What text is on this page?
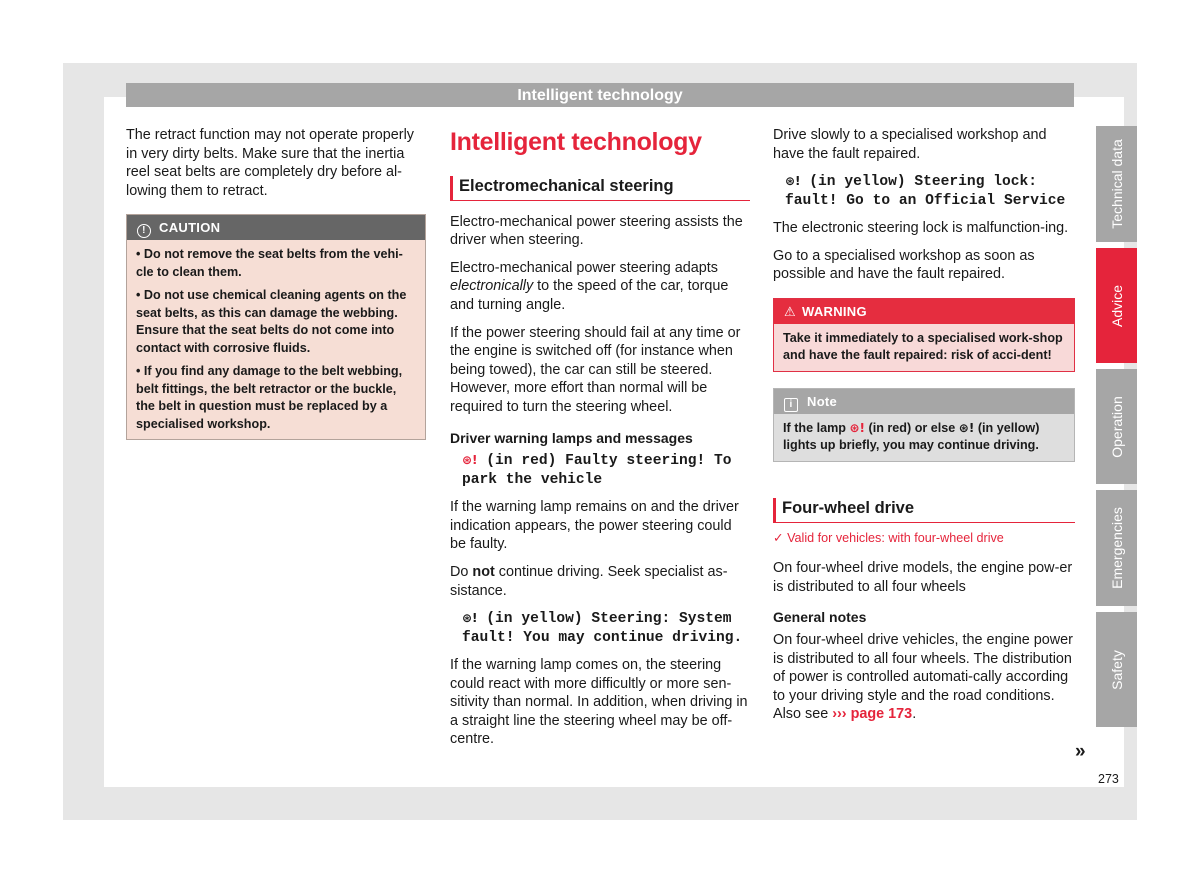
Intelligent technology

The retract function may not operate properly in very dirty belts. Make sure that the inertia reel seat belts are completely dry before al-lowing them to retract.

! CAUTION
• Do not remove the seat belts from the vehi-cle to clean them.
• Do not use chemical cleaning agents on the seat belts, as this can damage the webbing. Ensure that the seat belts do not come into contact with corrosive fluids.
• If you find any damage to the belt webbing, belt fittings, the belt retractor or the buckle, the belt in question must be replaced by a specialised workshop.
Intelligent technology
Electromechanical steering

Electro-mechanical power steering assists the driver when steering.

Electro-mechanical power steering adapts electronically to the speed of the car, torque and turning angle.

If the power steering should fail at any time or the engine is switched off (for instance when being towed), the car can still be steered. However, more effort than normal will be required to turn the steering wheel.

Driver warning lamps and messages
⊛! (in red) Faulty steering! To park the vehicle

If the warning lamp remains on and the driver indication appears, the power steering could be faulty.

Do not continue driving. Seek specialist as-sistance.

⊛! (in yellow) Steering: System fault! You may continue driving.

If the warning lamp comes on, the steering could react with more difficultly or more sen-sitivity than normal. In addition, when driving in a straight line the steering wheel may be off-centre.

Drive slowly to a specialised workshop and have the fault repaired.

⊛! (in yellow) Steering lock: fault! Go to an Official Service

The electronic steering lock is malfunction-ing.

Go to a specialised workshop as soon as possible and have the fault repaired.

⚠ WARNING
Take it immediately to a specialised work-shop and have the fault repaired: risk of acci-dent!
i Note
If the lamp ⊛! (in red) or else ⊛! (in yellow) lights up briefly, you may continue driving.
Four-wheel drive
✓ Valid for vehicles: with four-wheel drive

On four-wheel drive models, the engine pow-er is distributed to all four wheels

General notes

On four-wheel drive vehicles, the engine power is distributed to all four wheels. The distribution of power is controlled automati-cally according to your driving style and the road conditions. Also see ››› page 173.

Technical data
Advice
Operation
Emergencies
Safety
»
273
